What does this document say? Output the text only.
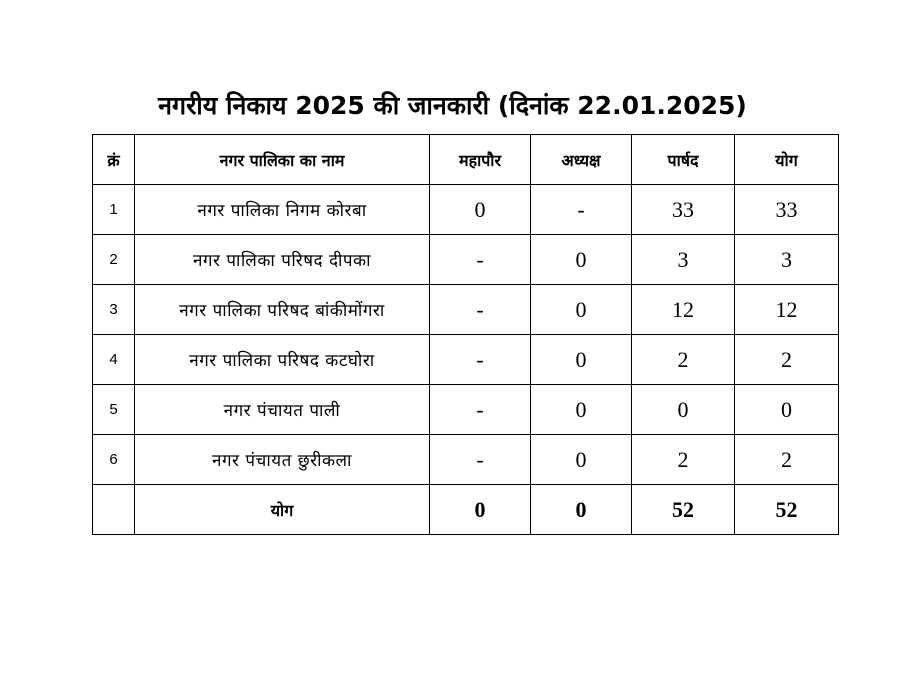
नगरीय निकाय 2025 की जानकारी (दिनांक 22.01.2025)
क्रं	नगर पालिका का नाम	महापौर	अध्यक्ष	पार्षद	योग
1	नगर पालिका निगम कोरबा	0	-	33	33
2	नगर पालिका परिषद दीपका	-	0	3	3
3	नगर पालिका परिषद बांकीमोंगरा	-	0	12	12
4	नगर पालिका परिषद कटघोरा	-	0	2	2
5	नगर पंचायत पाली	-	0	0	0
6	नगर पंचायत छुरीकला	-	0	2	2
	योग	0	0	52	52
